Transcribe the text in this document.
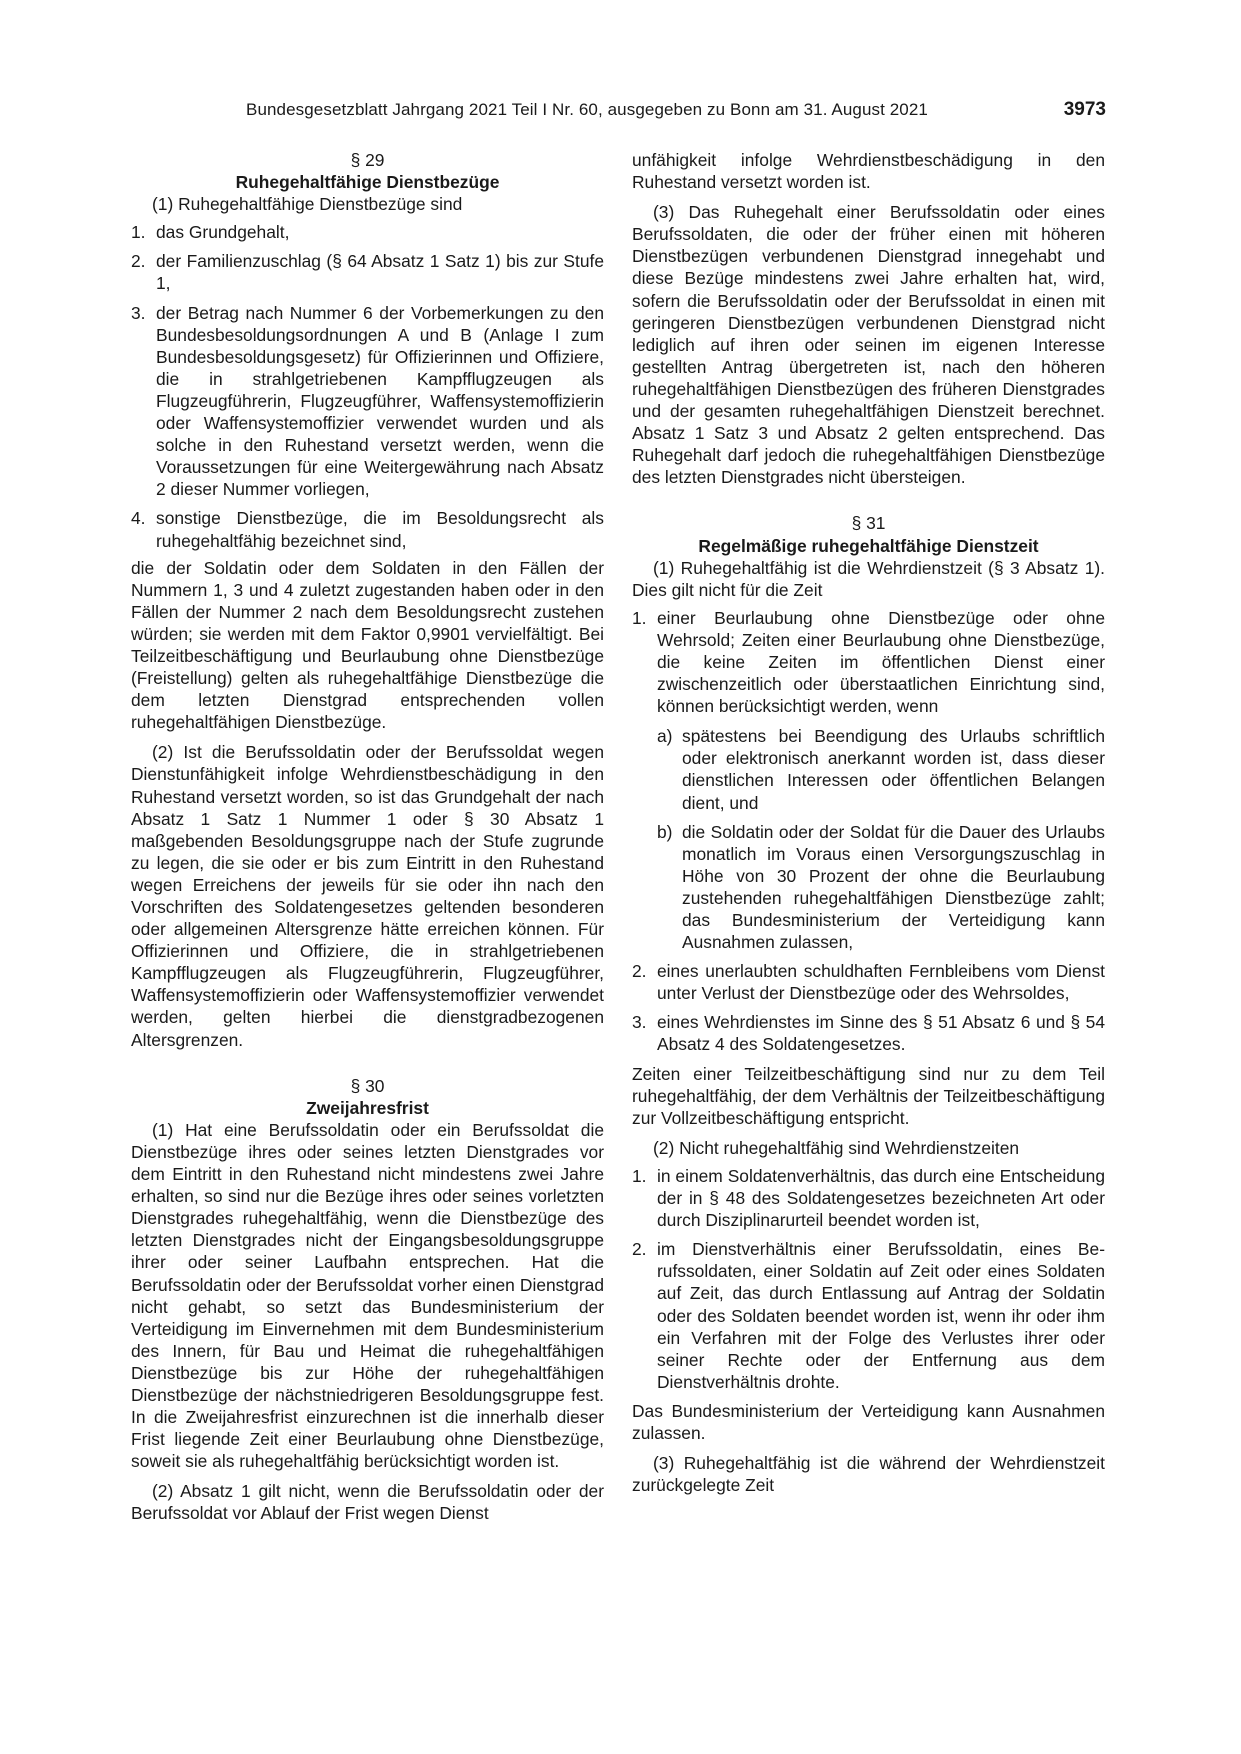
Bundesgesetzblatt Jahrgang 2021 Teil I Nr. 60, ausgegeben zu Bonn am 31. August 2021	3973

§ 29

Ruhegehaltfähige Dienstbezüge

(1) Ruhegehaltfähige Dienstbezüge sind

1. das Grundgehalt,
2. der Familienzuschlag (§ 64 Absatz 1 Satz 1) bis zur Stufe 1,
3. der Betrag nach Nummer 6 der Vorbemerkungen zu den Bundesbesoldungsordnungen A und B (Anlage I zum Bundesbesoldungsgesetz) für Offizierinnen und Offiziere, die in strahlgetriebenen Kampfflugzeugen als Flugzeugführerin, Flugzeugführer, Waffensystemoffizierin oder Waffensystemoffizier verwendet wurden und als solche in den Ruhestand versetzt werden, wenn die Voraussetzungen für eine Weitergewährung nach Absatz 2 dieser Nummer vorliegen,
4. sonstige Dienstbezüge, die im Besoldungsrecht als ruhegehaltfähig bezeichnet sind,

die der Soldatin oder dem Soldaten in den Fällen der Nummern 1, 3 und 4 zuletzt zugestanden haben oder in den Fällen der Nummer 2 nach dem Besoldungsrecht zustehen würden; sie werden mit dem Faktor 0,9901 vervielfältigt. Bei Teilzeitbeschäftigung und Beurlaubung ohne Dienstbezüge (Freistellung) gelten als ruhegehaltfähige Dienstbezüge die dem letzten Dienstgrad entsprechenden vollen ruhegehaltfähigen Dienstbezüge.

(2) Ist die Berufssoldatin oder der Berufssoldat wegen Dienstunfähigkeit infolge Wehrdienstbeschädigung in den Ruhestand versetzt worden, so ist das Grundgehalt der nach Absatz 1 Satz 1 Nummer 1 oder § 30 Absatz 1 maßgebenden Besoldungsgruppe nach der Stufe zugrunde zu legen, die sie oder er bis zum Eintritt in den Ruhestand wegen Erreichens der jeweils für sie oder ihn nach den Vorschriften des Soldatengesetzes geltenden besonderen oder allgemeinen Altersgrenze hätte erreichen können. Für Offizierinnen und Offiziere, die in strahlgetriebenen Kampfflugzeugen als Flugzeugführerin, Flugzeugführer, Waffensystemoffizierin oder Waffensystemoffizier verwendet werden, gelten hierbei die dienstgradbezogenen Altersgrenzen.

§ 30

Zweijahresfrist

(1) Hat eine Berufssoldatin oder ein Berufssoldat die Dienstbezüge ihres oder seines letzten Dienstgrades vor dem Eintritt in den Ruhestand nicht mindestens zwei Jahre erhalten, so sind nur die Bezüge ihres oder seines vorletzten Dienstgrades ruhegehaltfähig, wenn die Dienstbezüge des letzten Dienstgrades nicht der Eingangsbesoldungsgruppe ihrer oder seiner Laufbahn entsprechen. Hat die Berufssoldatin oder der Berufssoldat vorher einen Dienstgrad nicht gehabt, so setzt das Bundesministerium der Verteidigung im Einvernehmen mit dem Bundesministerium des Innern, für Bau und Heimat die ruhegehaltfähigen Dienstbezüge bis zur Höhe der ruhegehaltfähigen Dienstbezüge der nächstniedrigeren Besoldungsgruppe fest. In die Zweijahresfrist einzurechnen ist die innerhalb dieser Frist liegende Zeit einer Beurlaubung ohne Dienstbezüge, soweit sie als ruhegehaltfähig berücksichtigt worden ist.

(2) Absatz 1 gilt nicht, wenn die Berufssoldatin oder der Berufssoldat vor Ablauf der Frist wegen Dienst

unfähigkeit infolge Wehrdienstbeschädigung in den Ruhestand versetzt worden ist.

(3) Das Ruhegehalt einer Berufssoldatin oder eines Berufssoldaten, die oder der früher einen mit höheren Dienstbezügen verbundenen Dienstgrad innegehabt und diese Bezüge mindestens zwei Jahre erhalten hat, wird, sofern die Berufssoldatin oder der Berufssoldat in einen mit geringeren Dienstbezügen verbundenen Dienstgrad nicht lediglich auf ihren oder seinen im eigenen Interesse gestellten Antrag übergetreten ist, nach den höheren ruhegehaltfähigen Dienstbezügen des früheren Dienstgrades und der gesamten ruhegehaltfähigen Dienstzeit berechnet. Absatz 1 Satz 3 und Absatz 2 gelten entsprechend. Das Ruhegehalt darf jedoch die ruhegehaltfähigen Dienstbezüge des letzten Dienstgrades nicht übersteigen.

§ 31

Regelmäßige ruhegehaltfähige Dienstzeit

(1) Ruhegehaltfähig ist die Wehrdienstzeit (§ 3 Absatz 1). Dies gilt nicht für die Zeit

1. einer Beurlaubung ohne Dienstbezüge oder ohne Wehrsold; Zeiten einer Beurlaubung ohne Dienstbezüge, die keine Zeiten im öffentlichen Dienst einer zwischenzeitlich oder überstaatlichen Einrichtung sind, können berücksichtigt werden, wenn
a) spätestens bei Beendigung des Urlaubs schriftlich oder elektronisch anerkannt worden ist, dass dieser dienstlichen Interessen oder öffentlichen Belangen dient, und
b) die Soldatin oder der Soldat für die Dauer des Urlaubs monatlich im Voraus einen Versorgungszuschlag in Höhe von 30 Prozent der ohne die Beurlaubung zustehenden ruhegehaltfähigen Dienstbezüge zahlt; das Bundesministerium der Verteidigung kann Ausnahmen zulassen,
2. eines unerlaubten schuldhaften Fernbleibens vom Dienst unter Verlust der Dienstbezüge oder des Wehrsoldes,
3. eines Wehrdienstes im Sinne des § 51 Absatz 6 und § 54 Absatz 4 des Soldatengesetzes.

Zeiten einer Teilzeitbeschäftigung sind nur zu dem Teil ruhegehaltfähig, der dem Verhältnis der Teilzeitbeschäftigung zur Vollzeitbeschäftigung entspricht.

(2) Nicht ruhegehaltfähig sind Wehrdienstzeiten

1. in einem Soldatenverhältnis, das durch eine Entscheidung der in § 48 des Soldatengesetzes bezeichneten Art oder durch Disziplinarurteil beendet worden ist,
2. im Dienstverhältnis einer Berufssoldatin, eines Berufssoldaten, einer Soldatin auf Zeit oder eines Soldaten auf Zeit, das durch Entlassung auf Antrag der Soldatin oder des Soldaten beendet worden ist, wenn ihr oder ihm ein Verfahren mit der Folge des Verlustes ihrer oder seiner Rechte oder der Entfernung aus dem Dienstverhältnis drohte.

Das Bundesministerium der Verteidigung kann Ausnahmen zulassen.

(3) Ruhegehaltfähig ist die während der Wehrdienstzeit zurückgelegte Zeit
